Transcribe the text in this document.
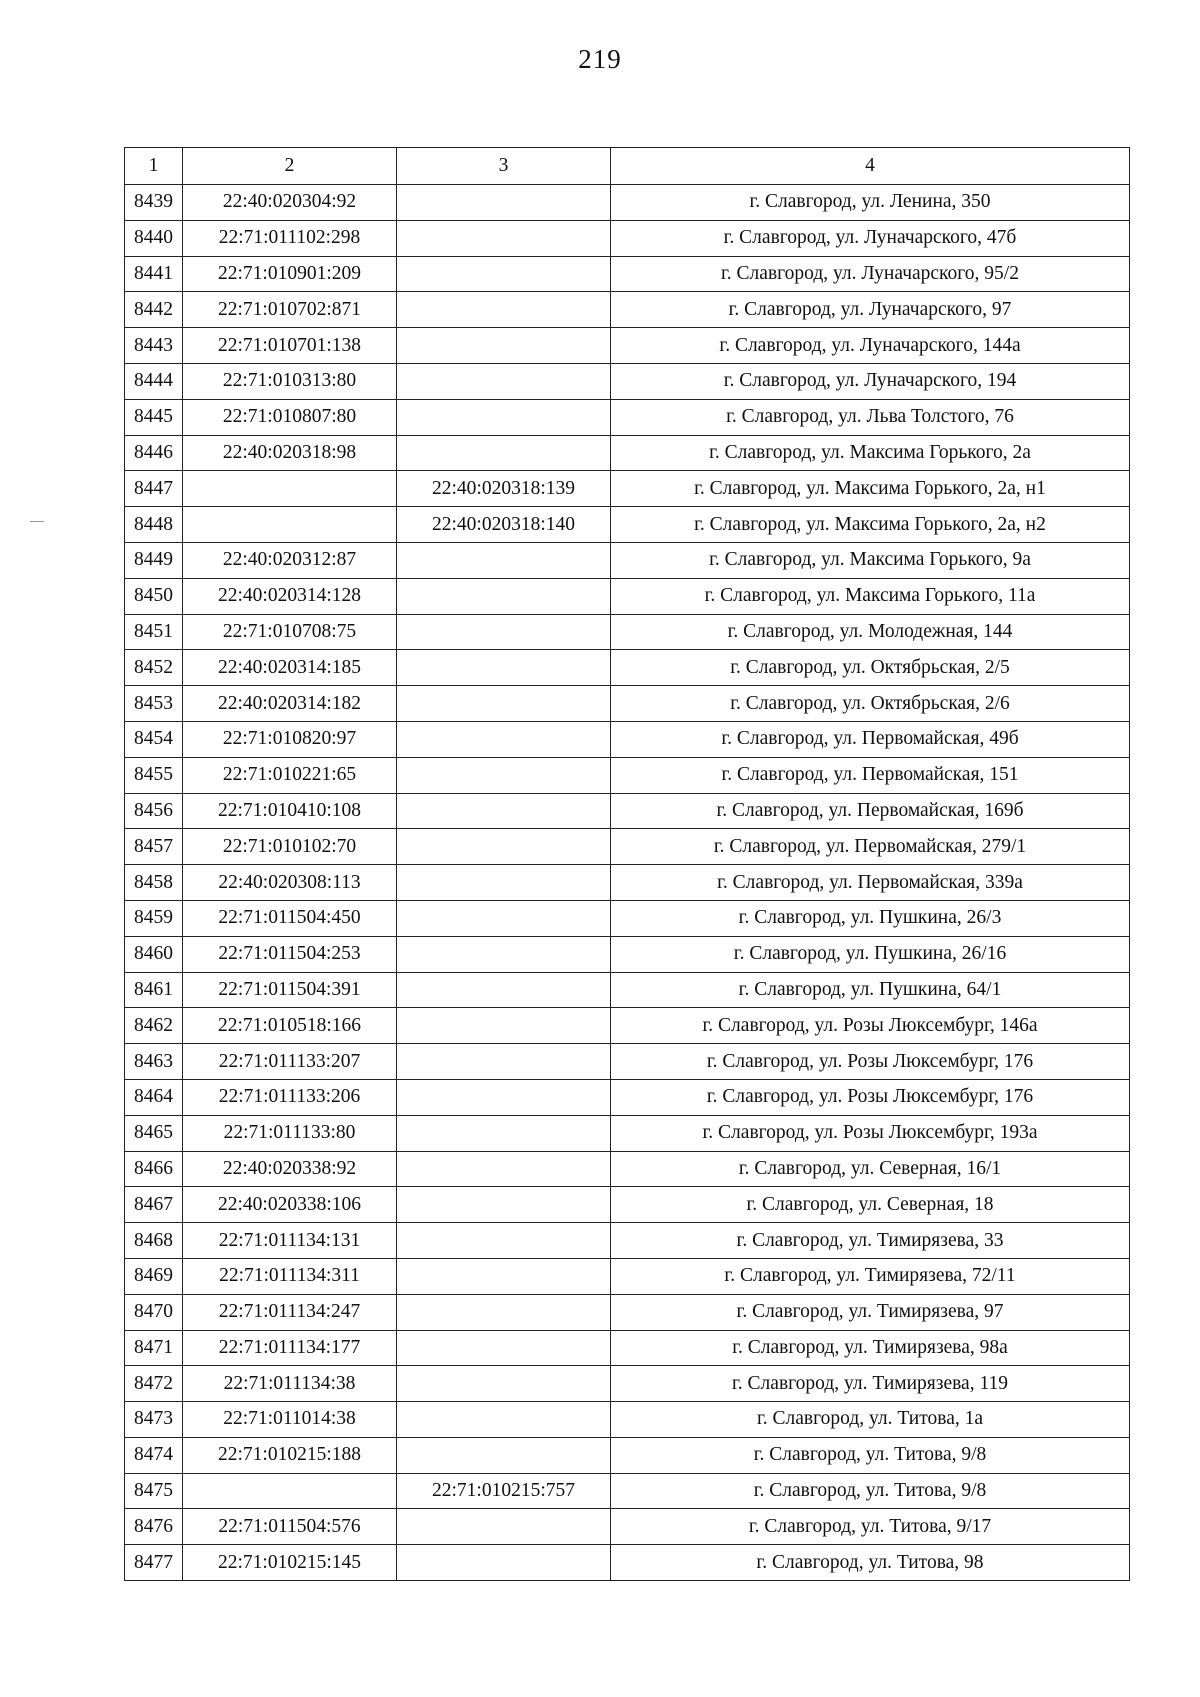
219
1	2	3	4
8439	22:40:020304:92		г. Славгород, ул. Ленина, 350
8440	22:71:011102:298		г. Славгород, ул. Луначарского, 47б
8441	22:71:010901:209		г. Славгород, ул. Луначарского, 95/2
8442	22:71:010702:871		г. Славгород, ул. Луначарского, 97
8443	22:71:010701:138		г. Славгород, ул. Луначарского, 144а
8444	22:71:010313:80		г. Славгород, ул. Луначарского, 194
8445	22:71:010807:80		г. Славгород, ул. Льва Толстого, 76
8446	22:40:020318:98		г. Славгород, ул. Максима Горького, 2а
8447		22:40:020318:139	г. Славгород, ул. Максима Горького, 2а, н1
8448		22:40:020318:140	г. Славгород, ул. Максима Горького, 2а, н2
8449	22:40:020312:87		г. Славгород, ул. Максима Горького, 9а
8450	22:40:020314:128		г. Славгород, ул. Максима Горького, 11а
8451	22:71:010708:75		г. Славгород, ул. Молодежная, 144
8452	22:40:020314:185		г. Славгород, ул. Октябрьская, 2/5
8453	22:40:020314:182		г. Славгород, ул. Октябрьская, 2/6
8454	22:71:010820:97		г. Славгород, ул. Первомайская, 49б
8455	22:71:010221:65		г. Славгород, ул. Первомайская, 151
8456	22:71:010410:108		г. Славгород, ул. Первомайская, 169б
8457	22:71:010102:70		г. Славгород, ул. Первомайская, 279/1
8458	22:40:020308:113		г. Славгород, ул. Первомайская, 339а
8459	22:71:011504:450		г. Славгород, ул. Пушкина, 26/3
8460	22:71:011504:253		г. Славгород, ул. Пушкина, 26/16
8461	22:71:011504:391		г. Славгород, ул. Пушкина, 64/1
8462	22:71:010518:166		г. Славгород, ул. Розы Люксембург, 146а
8463	22:71:011133:207		г. Славгород, ул. Розы Люксембург, 176
8464	22:71:011133:206		г. Славгород, ул. Розы Люксембург, 176
8465	22:71:011133:80		г. Славгород, ул. Розы Люксембург, 193а
8466	22:40:020338:92		г. Славгород, ул. Северная, 16/1
8467	22:40:020338:106		г. Славгород, ул. Северная, 18
8468	22:71:011134:131		г. Славгород, ул. Тимирязева, 33
8469	22:71:011134:311		г. Славгород, ул. Тимирязева, 72/11
8470	22:71:011134:247		г. Славгород, ул. Тимирязева, 97
8471	22:71:011134:177		г. Славгород, ул. Тимирязева, 98а
8472	22:71:011134:38		г. Славгород, ул. Тимирязева, 119
8473	22:71:011014:38		г. Славгород, ул. Титова, 1а
8474	22:71:010215:188		г. Славгород, ул. Титова, 9/8
8475		22:71:010215:757	г. Славгород, ул. Титова, 9/8
8476	22:71:011504:576		г. Славгород, ул. Титова, 9/17
8477	22:71:010215:145		г. Славгород, ул. Титова, 98
